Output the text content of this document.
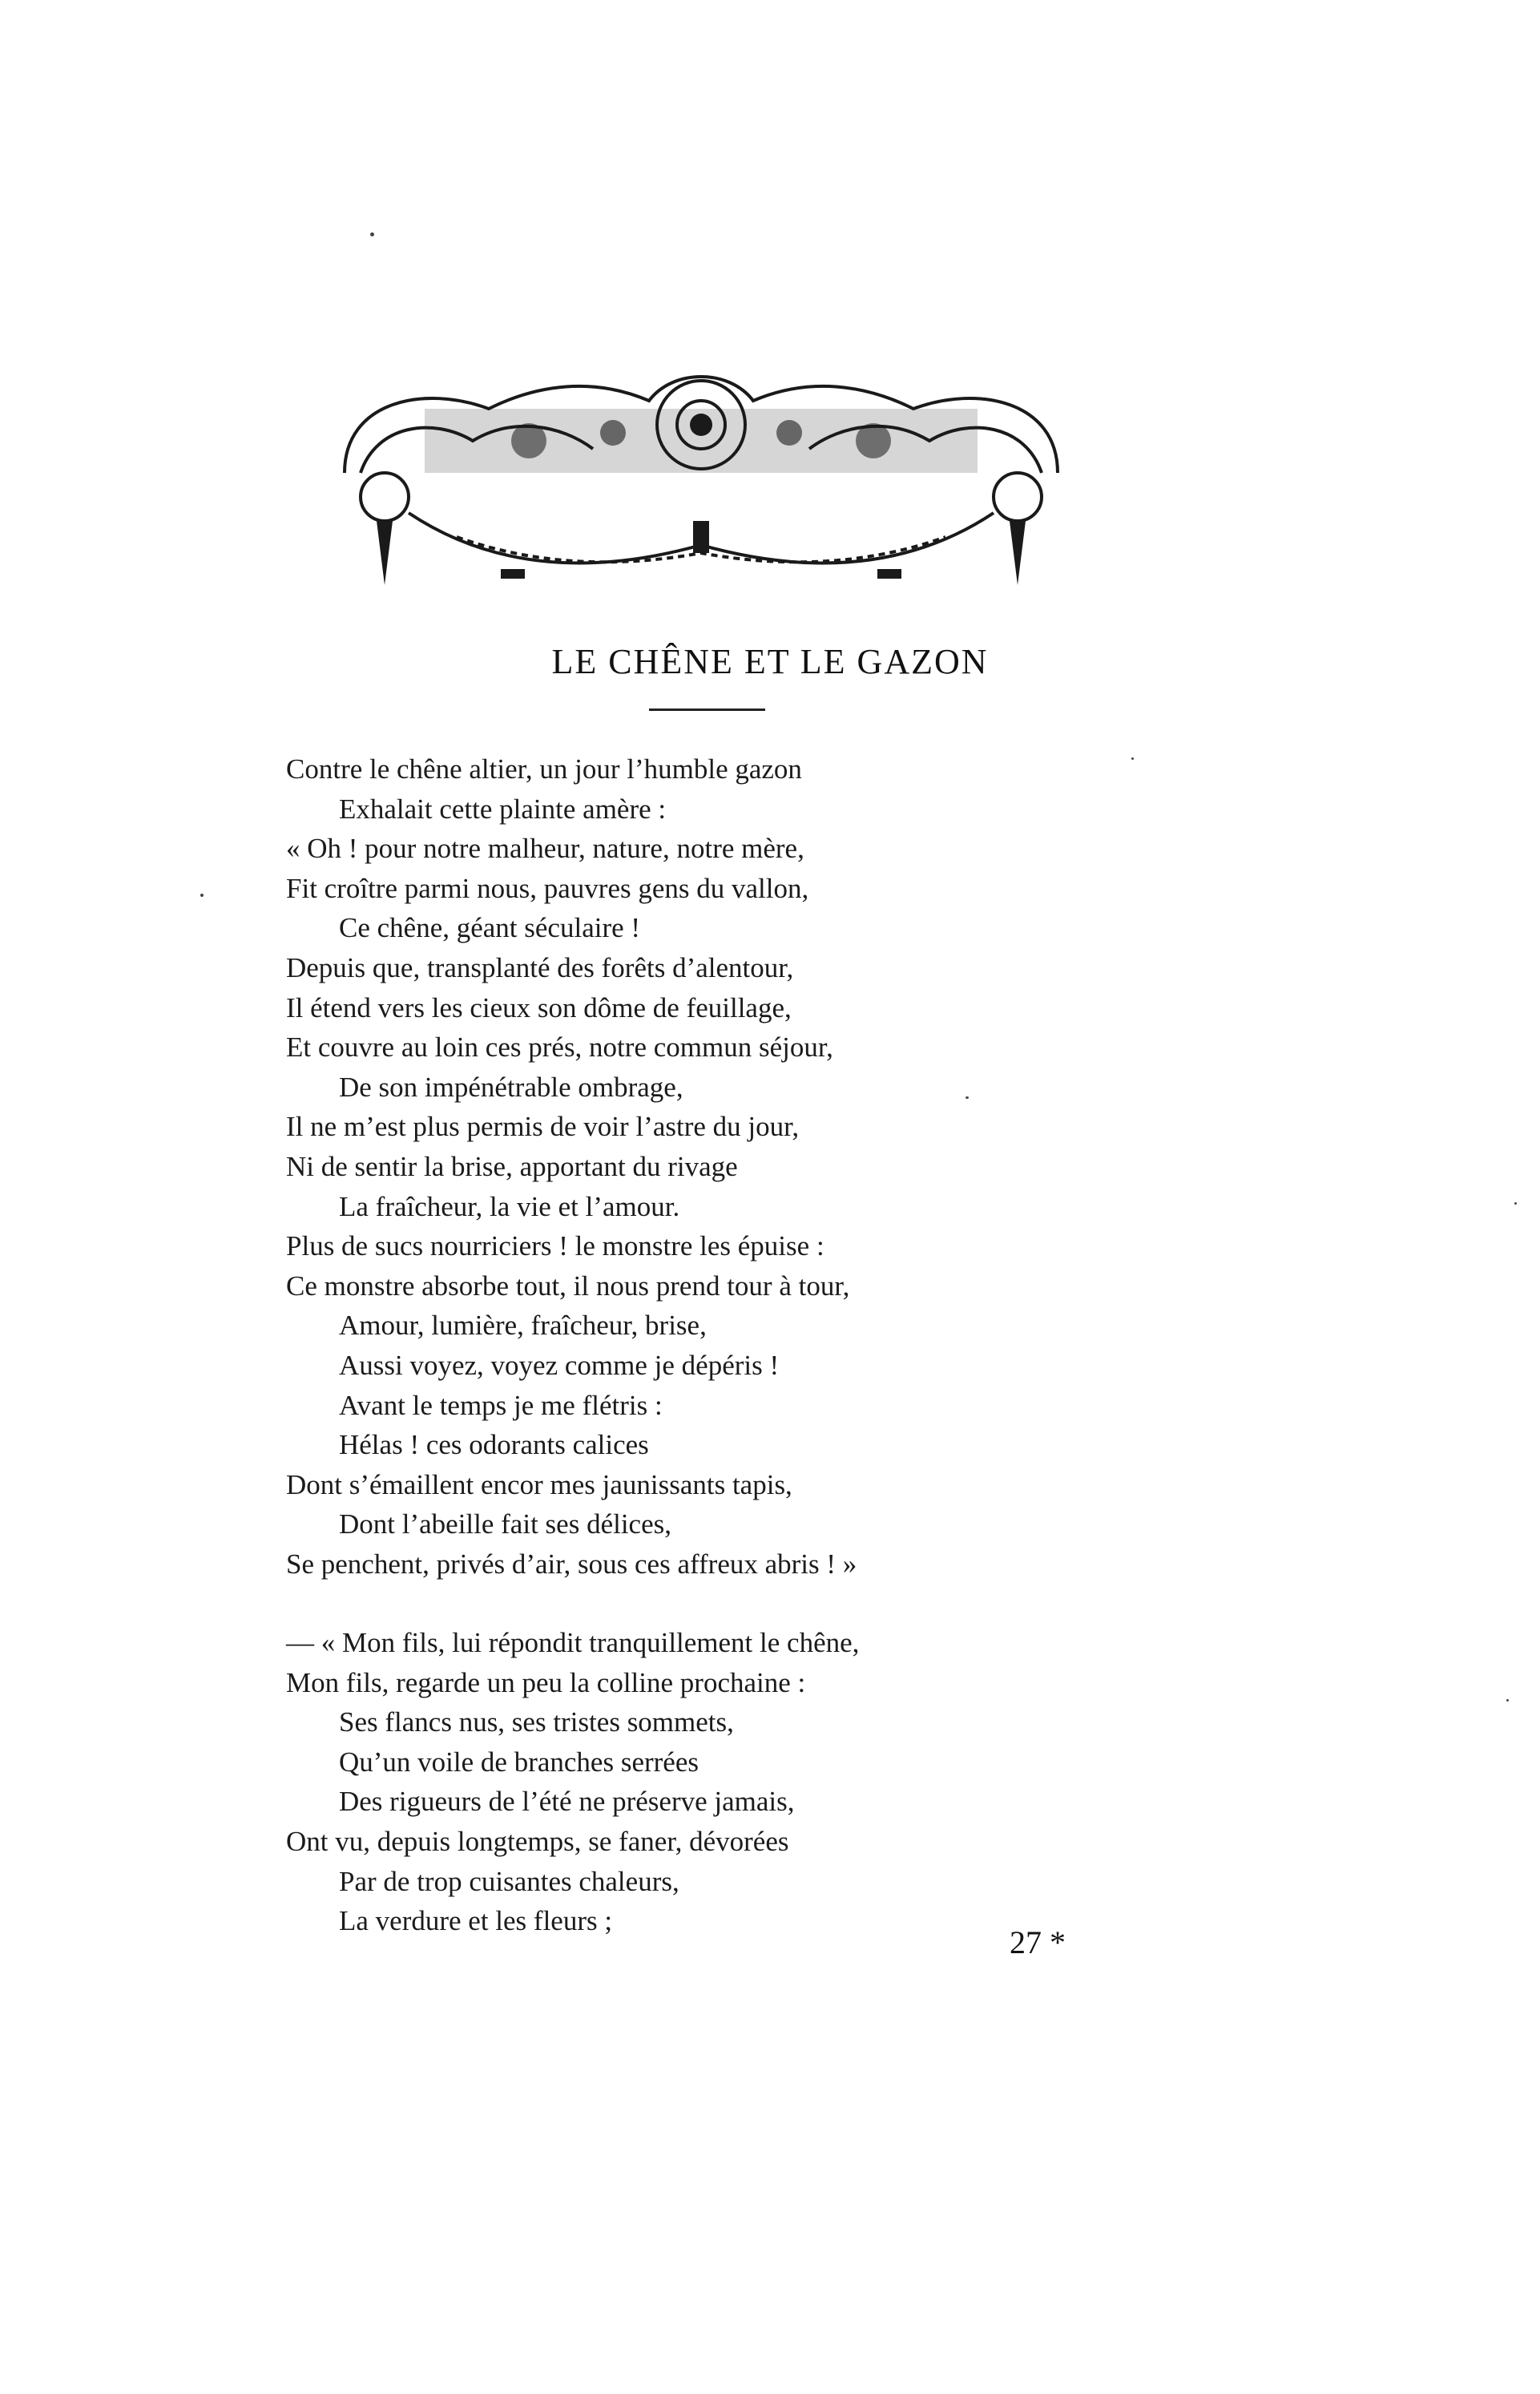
LE CHÊNE ET LE GAZON
Contre le chêne altier, un jour l’humble gazon
Exhalait cette plainte amère :
« Oh ! pour notre malheur, nature, notre mère,
Fit croître parmi nous, pauvres gens du vallon,
Ce chêne, géant séculaire !
Depuis que, transplanté des forêts d’alentour,
Il étend vers les cieux son dôme de feuillage,
Et couvre au loin ces prés, notre commun séjour,
De son impénétrable ombrage,
Il ne m’est plus permis de voir l’astre du jour,
Ni de sentir la brise, apportant du rivage
La fraîcheur, la vie et l’amour.
Plus de sucs nourriciers ! le monstre les épuise :
Ce monstre absorbe tout, il nous prend tour à tour,
Amour, lumière, fraîcheur, brise,
Aussi voyez, voyez comme je dépéris !
Avant le temps je me flétris :
Hélas ! ces odorants calices
Dont s’émaillent encor mes jaunissants tapis,
Dont l’abeille fait ses délices,
Se penchent, privés d’air, sous ces affreux abris ! »
— « Mon fils, lui répondit tranquillement le chêne,
Mon fils, regarde un peu la colline prochaine :
Ses flancs nus, ses tristes sommets,
Qu’un voile de branches serrées
Des rigueurs de l’été ne préserve jamais,
Ont vu, depuis longtemps, se faner, dévorées
Par de trop cuisantes chaleurs,
La verdure et les fleurs ;
27 *
